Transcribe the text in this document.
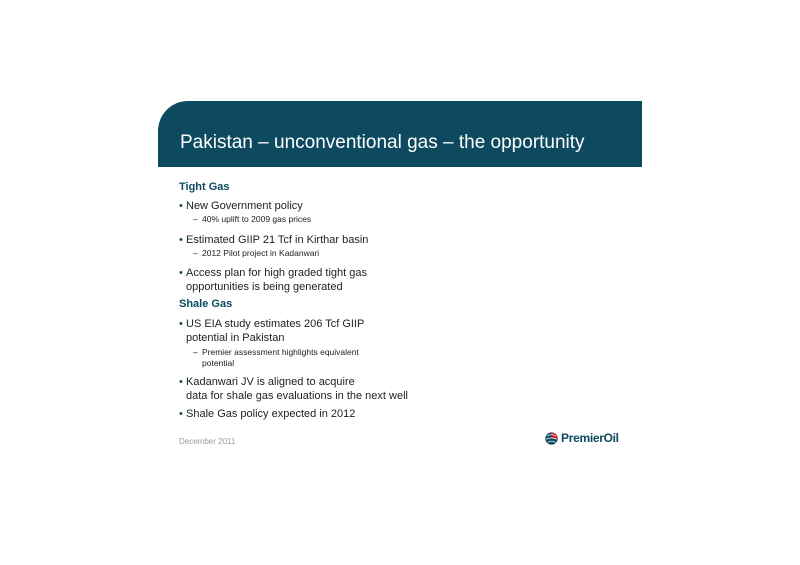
Pakistan – unconventional gas – the opportunity
Tight Gas
• New Government policy
– 40% uplift to 2009 gas prices
• Estimated GIIP 21 Tcf in Kirthar basin
– 2012 Pilot project in Kadanwari
• Access plan for high graded tight gas
opportunities is being generated
Shale Gas
• US EIA study estimates 206 Tcf GIIP
potential in Pakistan
– Premier assessment highlights equivalent
potential
• Kadanwari JV is aligned to acquire
data for shale gas evaluations in the next well
• Shale Gas policy expected in 2012
December 2011	PremierOil
